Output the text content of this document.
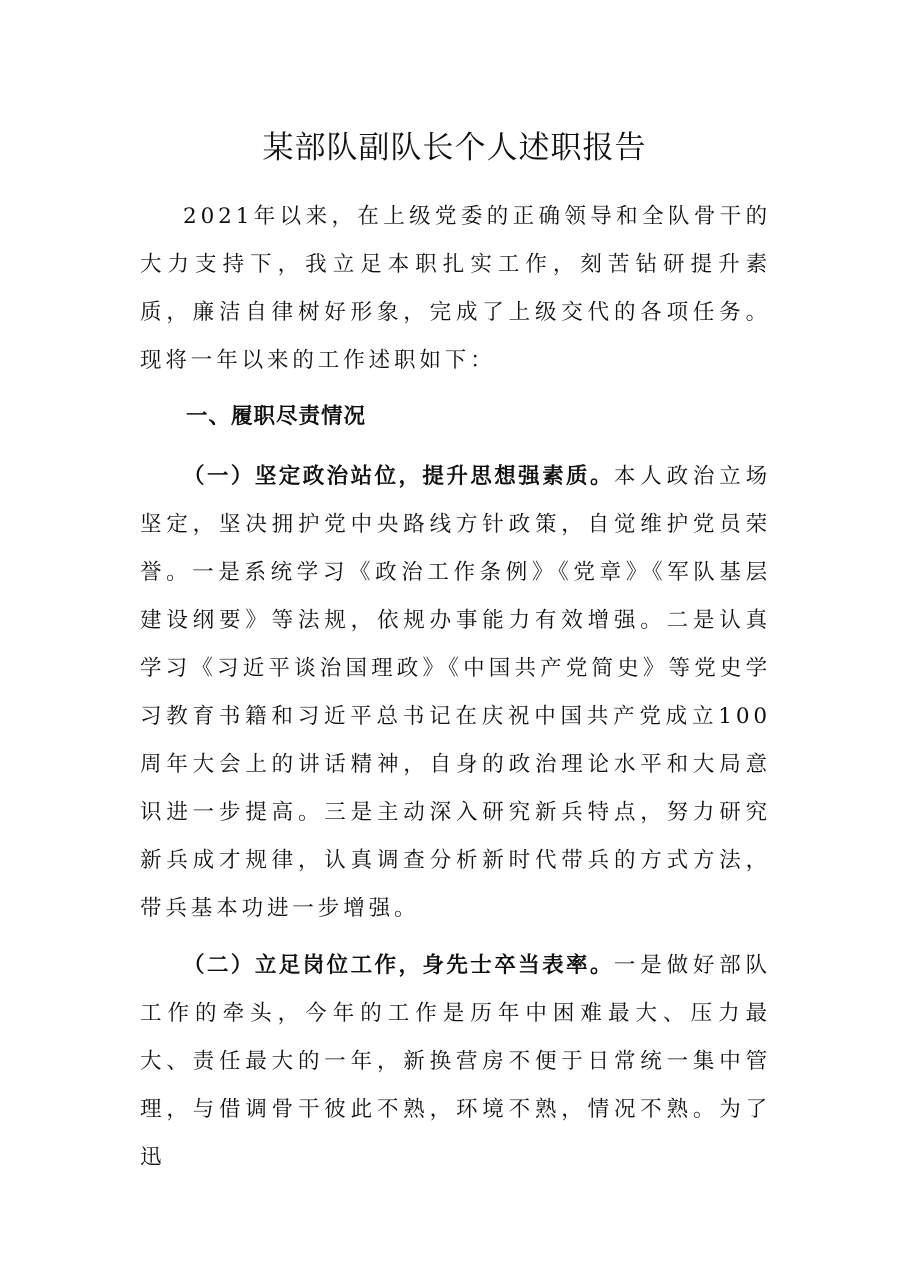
某部队副队长个人述职报告

2021年以来，在上级党委的正确领导和全队骨干的大力支持下，我立足本职扎实工作，刻苦钻研提升素质，廉洁自律树好形象，完成了上级交代的各项任务。现将一年以来的工作述职如下：

一、履职尽责情况

（一）坚定政治站位，提升思想强素质。本人政治立场坚定，坚决拥护党中央路线方针政策，自觉维护党员荣誉。一是系统学习《政治工作条例》《党章》《军队基层建设纲要》等法规，依规办事能力有效增强。二是认真学习《习近平谈治国理政》《中国共产党简史》等党史学习教育书籍和习近平总书记在庆祝中国共产党成立100周年大会上的讲话精神，自身的政治理论水平和大局意识进一步提高。三是主动深入研究新兵特点，努力研究新兵成才规律，认真调查分析新时代带兵的方式方法，带兵基本功进一步增强。

（二）立足岗位工作，身先士卒当表率。一是做好部队工作的牵头，今年的工作是历年中困难最大、压力最大、责任最大的一年，新换营房不便于日常统一集中管理，与借调骨干彼此不熟，环境不熟，情况不熟。为了迅
